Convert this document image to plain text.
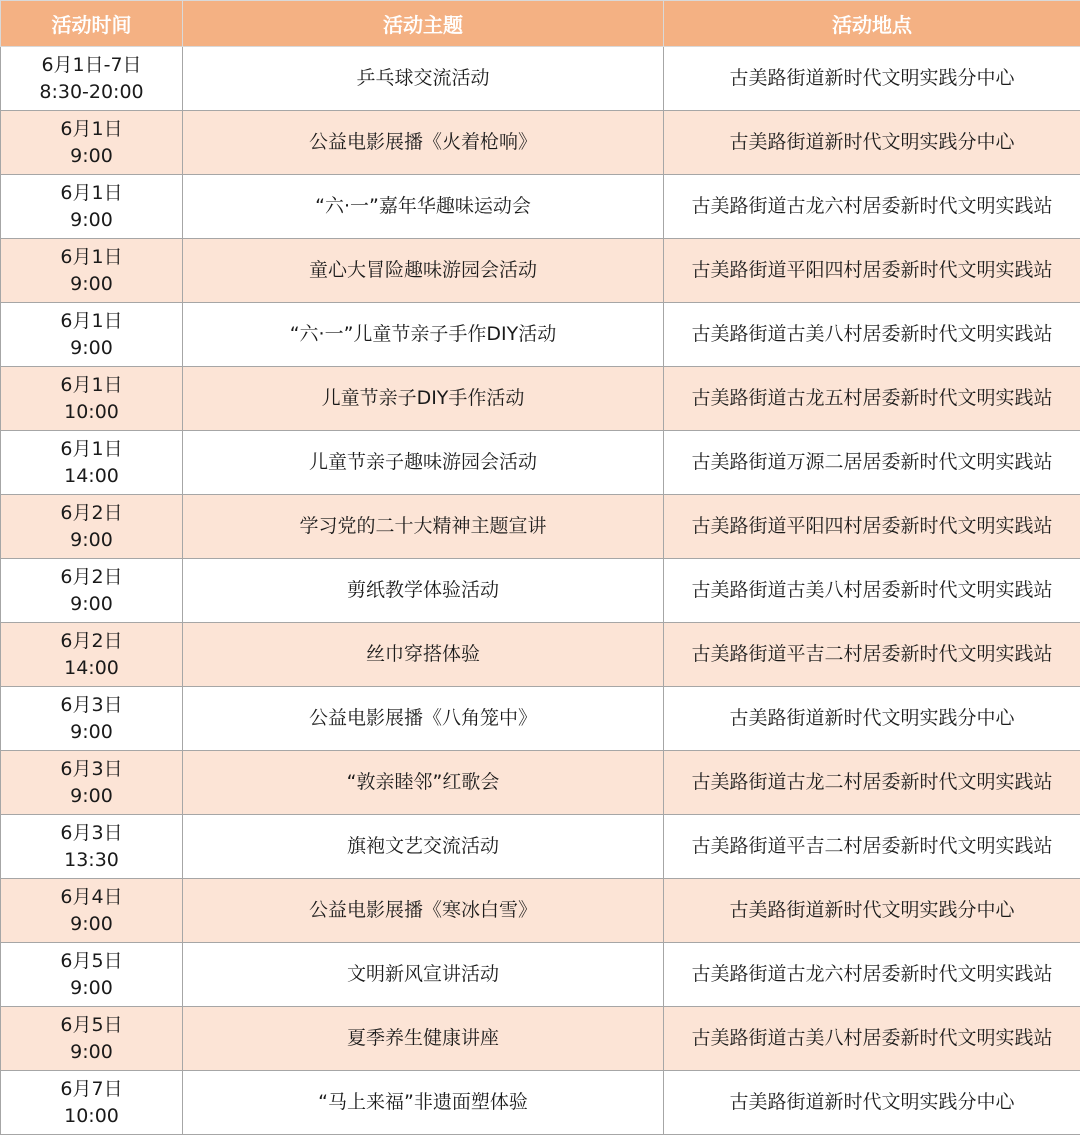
活动时间	活动主题	活动地点

6月1日-7日
8:30-20:00	乒乓球交流活动	古美路街道新时代文明实践分中心

6月1日
9:00	公益电影展播《火着枪响》	古美路街道新时代文明实践分中心

6月1日
9:00	“六·一”嘉年华趣味运动会	古美路街道古龙六村居委新时代文明实践站

6月1日
9:00	童心大冒险趣味游园会活动	古美路街道平阳四村居委新时代文明实践站

6月1日
9:00	“六·一”儿童节亲子手作DIY活动	古美路街道古美八村居委新时代文明实践站

6月1日
10:00	儿童节亲子DIY手作活动	古美路街道古龙五村居委新时代文明实践站

6月1日
14:00	儿童节亲子趣味游园会活动	古美路街道万源二居居委新时代文明实践站

6月2日
9:00	学习党的二十大精神主题宣讲	古美路街道平阳四村居委新时代文明实践站

6月2日
9:00	剪纸教学体验活动	古美路街道古美八村居委新时代文明实践站

6月2日
14:00	丝巾穿搭体验	古美路街道平吉二村居委新时代文明实践站

6月3日
9:00	公益电影展播《八角笼中》	古美路街道新时代文明实践分中心

6月3日
9:00	“敦亲睦邻”红歌会	古美路街道古龙二村居委新时代文明实践站

6月3日
13:30	旗袍文艺交流活动	古美路街道平吉二村居委新时代文明实践站

6月4日
9:00	公益电影展播《寒冰白雪》	古美路街道新时代文明实践分中心

6月5日
9:00	文明新风宣讲活动	古美路街道古龙六村居委新时代文明实践站

6月5日
9:00	夏季养生健康讲座	古美路街道古美八村居委新时代文明实践站

6月7日
10:00	“马上来福”非遗面塑体验	古美路街道新时代文明实践分中心
